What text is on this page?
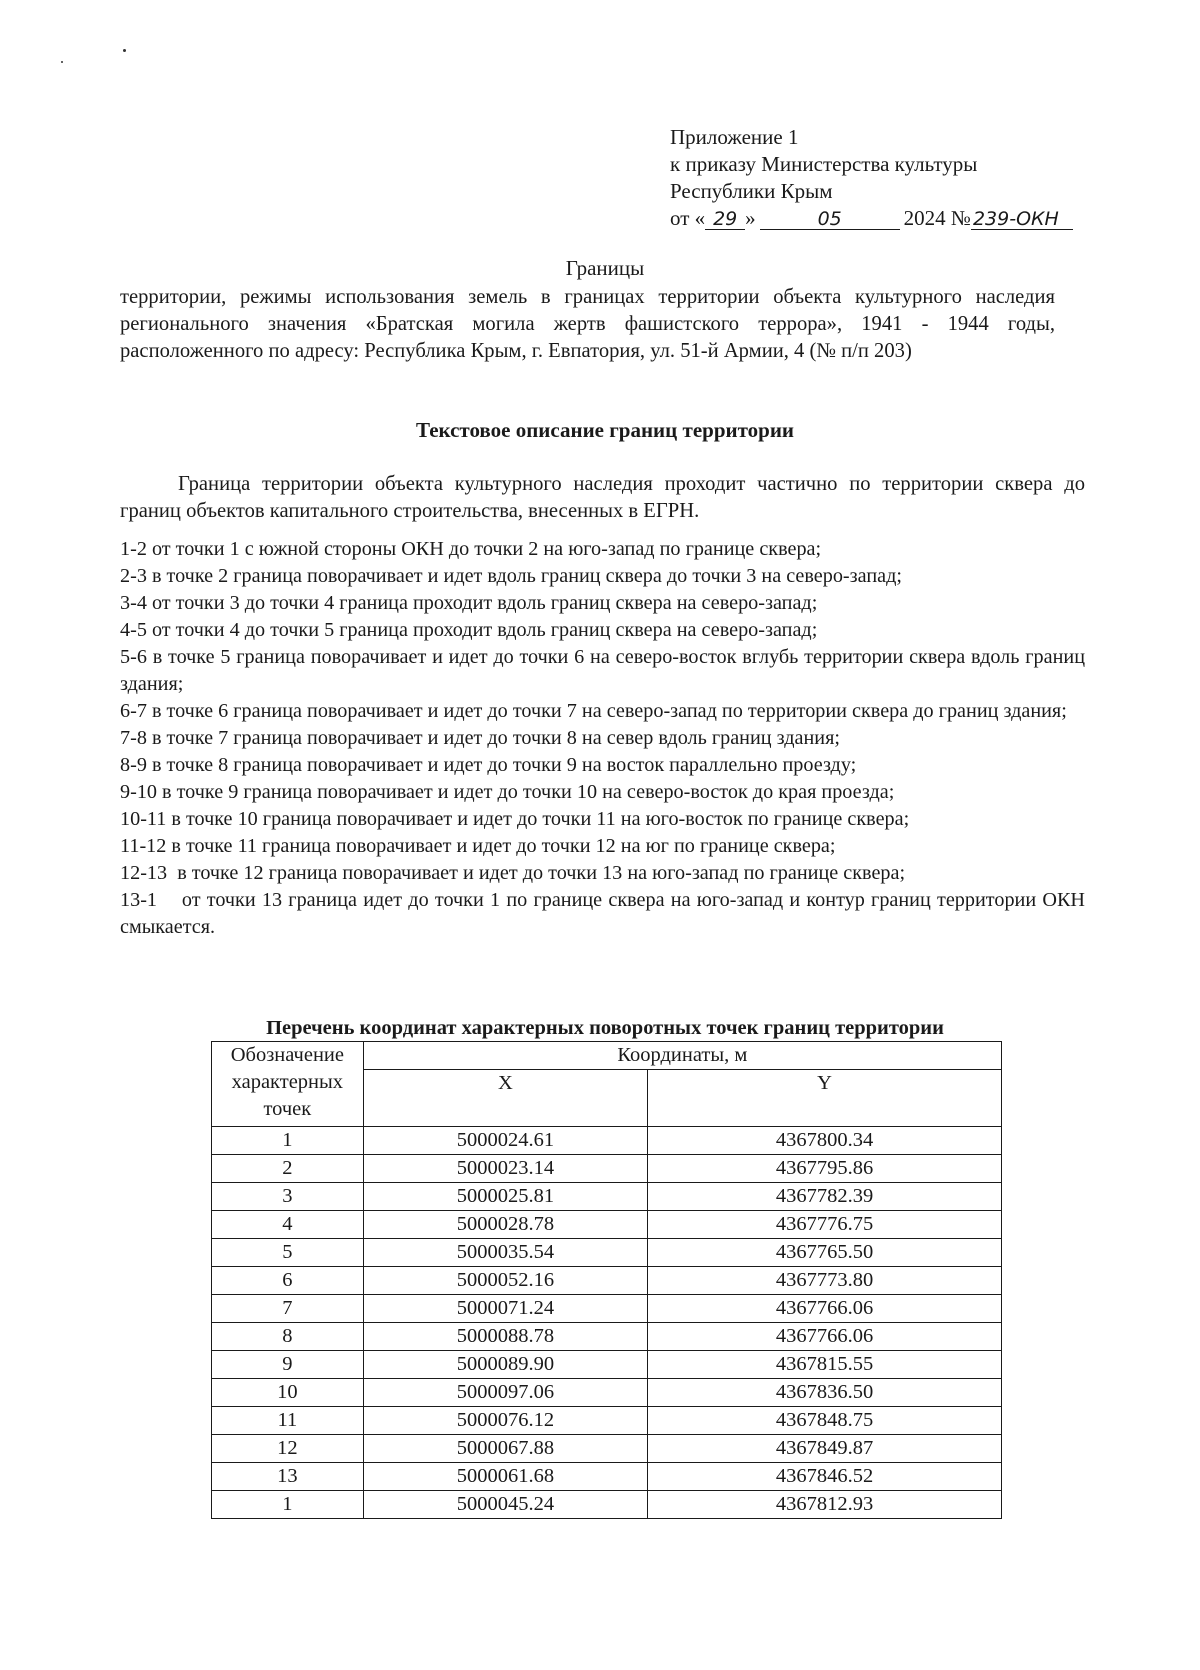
Приложение 1
к приказу Министерства культуры
Республики Крым
от « 29 »	05	2024 № 239-ОКН
Границы
территории, режимы использования земель в границах территории объекта культурного наследия регионального значения «Братская могила жертв фашистского террора», 1941 - 1944 годы, расположенного по адресу: Республика Крым, г. Евпатория, ул. 51-й Армии, 4 (№ п/п 203)
Текстовое описание границ территории
Граница территории объекта культурного наследия проходит частично по территории сквера до границ объектов капитального строительства, внесенных в ЕГРН.

1-2 от точки 1 с южной стороны ОКН до точки 2 на юго-запад по границе сквера;

2-3 в точке 2 граница поворачивает и идет вдоль границ сквера до точки 3 на северо-запад;

3-4 от точки 3 до точки 4 граница проходит вдоль границ сквера на северо-запад;

4-5 от точки 4 до точки 5 граница проходит вдоль границ сквера на северо-запад;

5-6 в точке 5 граница поворачивает и идет до точки 6 на северо-восток вглубь территории сквера вдоль границ здания;

6-7 в точке 6 граница поворачивает и идет до точки 7 на северо-запад по территории сквера до границ здания;

7-8 в точке 7 граница поворачивает и идет до точки 8 на север вдоль границ здания;

8-9 в точке 8 граница поворачивает и идет до точки 9 на восток параллельно проезду;

9-10 в точке 9 граница поворачивает и идет до точки 10 на северо-восток до края проезда;

10-11 в точке 10 граница поворачивает и идет до точки 11 на юго-восток по границе сквера;

11-12 в точке 11 граница поворачивает и идет до точки 12 на юг по границе сквера;

12-13  в точке 12 граница поворачивает и идет до точки 13 на юго-запад по границе сквера;

13-1    от точки 13 граница идет до точки 1 по границе сквера на юго-запад и контур границ территории ОКН смыкается.

Перечень координат характерных поворотных точек границ территории
Обозначение характерных точек	Координаты, м	
	X	Y
1	5000024.61	4367800.34
2	5000023.14	4367795.86
3	5000025.81	4367782.39
4	5000028.78	4367776.75
5	5000035.54	4367765.50
6	5000052.16	4367773.80
7	5000071.24	4367766.06
8	5000088.78	4367766.06
9	5000089.90	4367815.55
10	5000097.06	4367836.50
11	5000076.12	4367848.75
12	5000067.88	4367849.87
13	5000061.68	4367846.52
1	5000045.24	4367812.93
